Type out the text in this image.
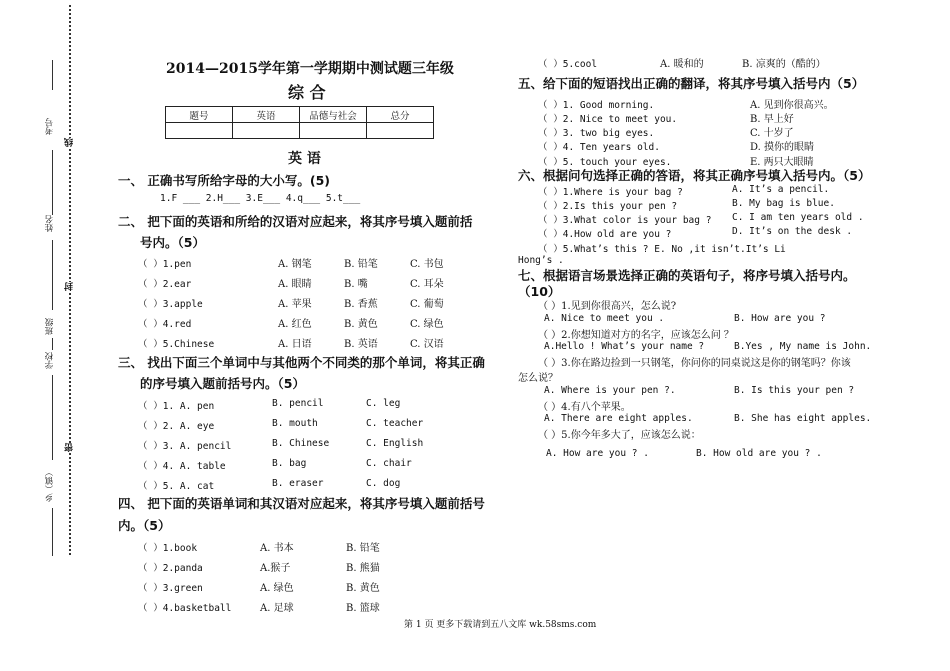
考号
姓名
班级
学校
乡（镇）
线
封
密
2014—2015学年第一学期期中测试题三年级
综 合
题号	英语	品德与社会	总分

英 语
一、 正确书写所给字母的大小写。(5)
1.F ___ 2.H___ 3.E___ 4.q___ 5.t___
二、 把下面的英语和所给的汉语对应起来，将其序号填入题前括
号内。（5）
（ ）1.pen	A. 钢笔	B. 铅笔	C. 书包
（ ）2.ear	A. 眼睛	B. 嘴	C. 耳朵
（ ）3.apple	A. 苹果	B. 香蕉	C. 葡萄
（ ）4.red	A. 红色	B. 黄色	C. 绿色
（ ）5.Chinese	A. 日语	B. 英语	C. 汉语
三、 找出下面三个单词中与其他两个不同类的那个单词，将其正确
的序号填入题前括号内。（5）
（ ）1. A. pen	B. pencil	C. leg
（ ）2. A. eye	B. mouth	C. teacher
（ ）3. A. pencil	B. Chinese	C. English
（ ）4. A. table	B. bag	C. chair
（ ）5. A. cat	B. eraser	C. dog
四、 把下面的英语单词和其汉语对应起来，将其序号填入题前括号
内。（5）
（ ）1.book	A. 书本	B. 铅笔
（ ）2.panda	A.猴子	B. 熊猫
（ ）3.green	A. 绿色	B. 黄色
（ ）4.basketball	A. 足球	B. 篮球
（ ）5.cool	A. 暖和的	B. 凉爽的（酷的）
五、给下面的短语找出正确的翻译，将其序号填入括号内（5）
（ ）1. Good morning.	A. 见到你很高兴。
（ ）2. Nice to meet you.	B. 早上好
（ ）3. two big eyes.	C. 十岁了
（ ）4. Ten years old.	D. 摸你的眼睛
（ ）5. touch your eyes.	E. 两只大眼睛
六、根据问句选择正确的答语，将其正确序号填入括号内。（5）
（ ）1.Where is your bag ?	A. It’s a pencil.
（ ）2.Is this your pen ?	B. My bag is blue.
（ ）3.What color is your bag ? C. I am ten years old .
（ ）4.How old are you ?	D. It’s on the desk .
（ ）5.What’s this ? E. No ,it isn’t.It’s Li
Hong’s .
七、根据语言场景选择正确的英语句子，将序号填入括号内。
（10）
（ ）1.见到你很高兴，怎么说?
A. Nice to meet you .	B. How are you ?
（ ）2.你想知道对方的名字，应该怎么问 ？
A.Hello ! What’s your name ?	B.Yes , My name is John.
（ ）3.你在路边捡到一只钢笔，你问你的同桌说这是你的钢笔吗？你该
怎么说？
A. Where is your pen ?.	B. Is this your pen ?
（ ）4.有八个苹果。
A. There are eight apples.	B. She has eight apples.
（ ）5.你今年多大了，应该怎么说：
A. How are you ? .	B. How old are you ? .
第 1 页 更多下载请到五八文库 wk.58sms.com
